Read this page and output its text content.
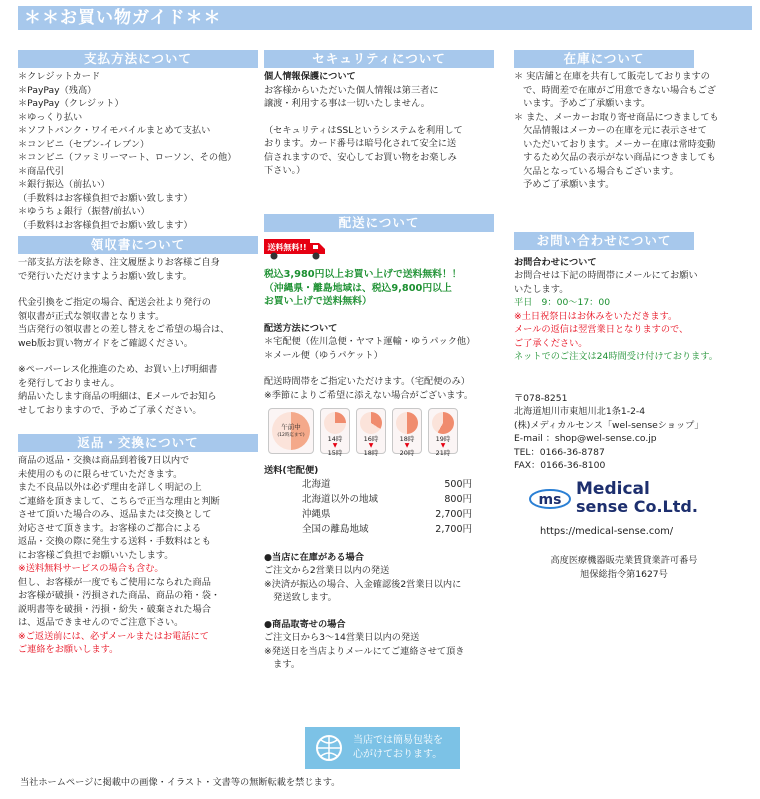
＊＊お買い物ガイド＊＊
支払方法について
＊クレジットカード
＊PayPay（残高）
＊PayPay（クレジット）
＊ゆっくり払い
＊ソフトバンク・ワイモバイルまとめて支払い
＊コンビニ（セブン-イレブン）
＊コンビニ（ファミリーマート、ローソン、その他）
＊商品代引
＊銀行振込（前払い）
（手数料はお客様負担でお願い致します）
＊ゆうちょ銀行（振替/前払い）
（手数料はお客様負担でお願い致します）
領収書について
一部支払方法を除き、注文履歴よりお客様ご自身
で発行いただけますようお願い致します。
代金引換をご指定の場合、配送会社より発行の
領収書が正式な領収書となります。
当店発行の領収書との差し替えをご希望の場合は、
web版お買い物ガイドをご確認ください。
※ペーパーレス化推進のため、お買い上げ明細書
を発行しておりません。
納品いたします商品の明細は、Eメールでお知ら
せしておりますので、予めご了承ください。
返品・交換について
商品の返品・交換は商品到着後7日以内で
未使用のものに限らせていただきます。
また不良品以外は必ず理由を詳しく明記の上
ご連絡を頂きまして、こちらで正当な理由と判断
させて頂いた場合のみ、返品または交換として
対応させて頂きます。お客様のご都合による
返品・交換の際に発生する送料・手数料はとも
にお客様ご負担でお願いいたします。
※送料無料サービスの場合も含む。
但し、お客様が一度でもご使用になられた商品
お客様が破損・汚損された商品、商品の箱・袋・
説明書等を破損・汚損・紛失・破棄された場合
は、返品できませんのでご注意下さい。
※ご返送前には、必ずメールまたはお電話にて
ご連絡をお願いします。
セキュリティについて
個人情報保護について
お客様からいただいた個人情報は第三者に
譲渡・利用する事は一切いたしません。
（セキュリティはSSLというシステムを利用して
おります。カード番号は暗号化されて安全に送
信されますので、安心してお買い物をお楽しみ
下さい。）
配送について
送料無料!!
税込3,980円以上お買い上げで送料無料！！
（沖縄県・離島地域は、税込9,800円以上
お買い上げで送料無料）
配送方法について
＊宅配便（佐川急便・ヤマト運輸・ゆうパック他）
＊メール便（ゆうパケット）
配送時間帯をご指定いただけます。（宅配便のみ）
※季節によりご希望に添えない場合がございます。
午前中
(12時迄まで)	14時
▼
15時
16時
▼
18時
18時
▼
20時
19時
▼
21時
送料(宅配便)
北海道	500円
北海道以外の地域	800円
沖縄県	2,700円
全国の離島地域	2,700円
●当店に在庫がある場合
ご注文から2営業日以内の発送
※決済が振込の場合、入金確認後2営業日以内に
　発送致します。
●商品取寄せの場合
ご注文日から3～14営業日以内の発送
※発送日を当店よりメールにてご連絡させて頂き
　ます。
当店では簡易包装を
心がけております。
在庫について
＊ 実店舗と在庫を共有して販売しておりますの
　で、時間差で在庫がご用意できない場合もござ
　います。予めご了承願います。
＊ また、メーカーお取り寄せ商品につきましても
　欠品情報はメーカーの在庫を元に表示させて
　いただいております。メーカー在庫は常時変動
　するため欠品の表示がない商品につきましても
　欠品となっている場合もございます。
　予めご了承願います。
お問い合わせについて
お問合わせについて
お問合せは下記の時間帯にメールにてお願い
いたします。
平日　9：00～17：00
※土日祝祭日はお休みをいただきます。
メールの返信は翌営業日となりますので、
ご了承ください。
ネットでのご注文は24時間受け付けております。
〒078-8251
北海道旭川市東旭川北1条1-2-4
(株)メディカルセンス「wel-senseショップ」
E-mail ：shop@wel-sense.co.jp
TEL：0166-36-8787
FAX：0166-36-8100
ms
Medical
sense Co.Ltd.
https://medical-sense.com/
高度医療機器販売業賃貸業許可番号
旭保総指令第1627号
当社ホームページに掲載中の画像・イラスト・文書等の無断転載を禁じます。
